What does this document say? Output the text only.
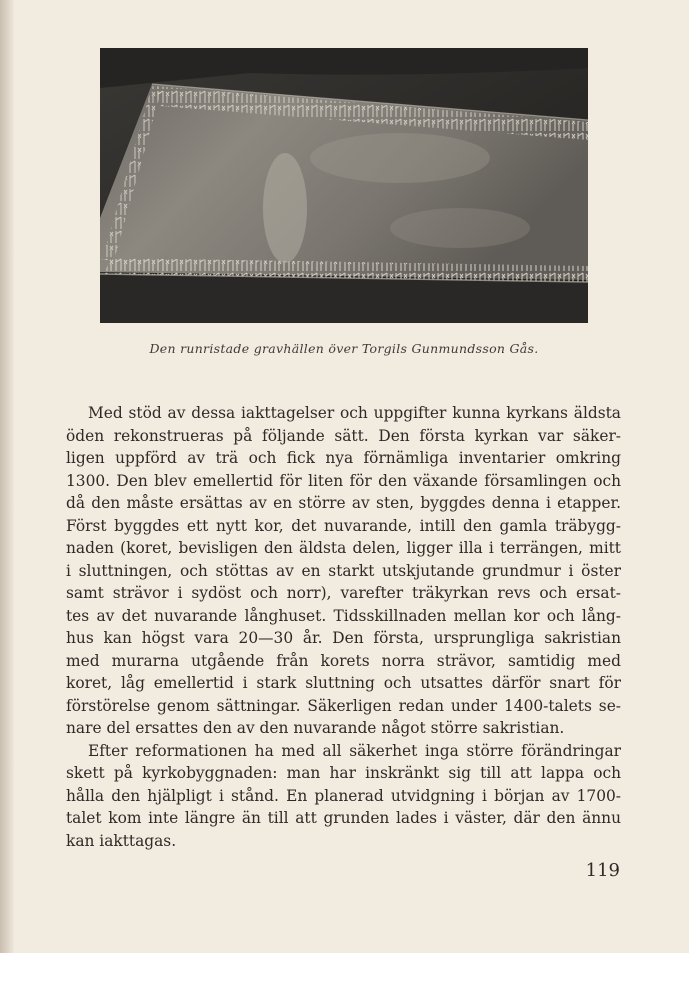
Den runristade gravhällen över Torgils Gunmundsson Gås.

Med stöd av dessa iakttagelser och uppgifter kunna kyrkans äldsta
öden rekonstrueras på följande sätt. Den första kyrkan var säker-
ligen uppförd av trä och fick nya förnämliga inventarier omkring
1300. Den blev emellertid för liten för den växande församlingen och
då den måste ersättas av en större av sten, byggdes denna i etapper.
Först byggdes ett nytt kor, det nuvarande, intill den gamla träbygg-
naden (koret, bevisligen den äldsta delen, ligger illa i terrängen, mitt
i sluttningen, och stöttas av en starkt utskjutande grundmur i öster
samt strävor i sydöst och norr), varefter träkyrkan revs och ersat-
tes av det nuvarande långhuset. Tidsskillnaden mellan kor och lång-
hus kan högst vara 20—30 år. Den första, ursprungliga sakristian
med murarna utgående från korets norra strävor, samtidig med
koret, låg emellertid i stark sluttning och utsattes därför snart för
förstörelse genom sättningar. Säkerligen redan under 1400-talets se-
nare del ersattes den av den nuvarande något större sakristian.

Efter reformationen ha med all säkerhet inga större förändringar
skett på kyrkobyggnaden: man har inskränkt sig till att lappa och
hålla den hjälpligt i stånd. En planerad utvidgning i början av 1700-
talet kom inte längre än till att grunden lades i väster, där den ännu
kan iakttagas.

119
